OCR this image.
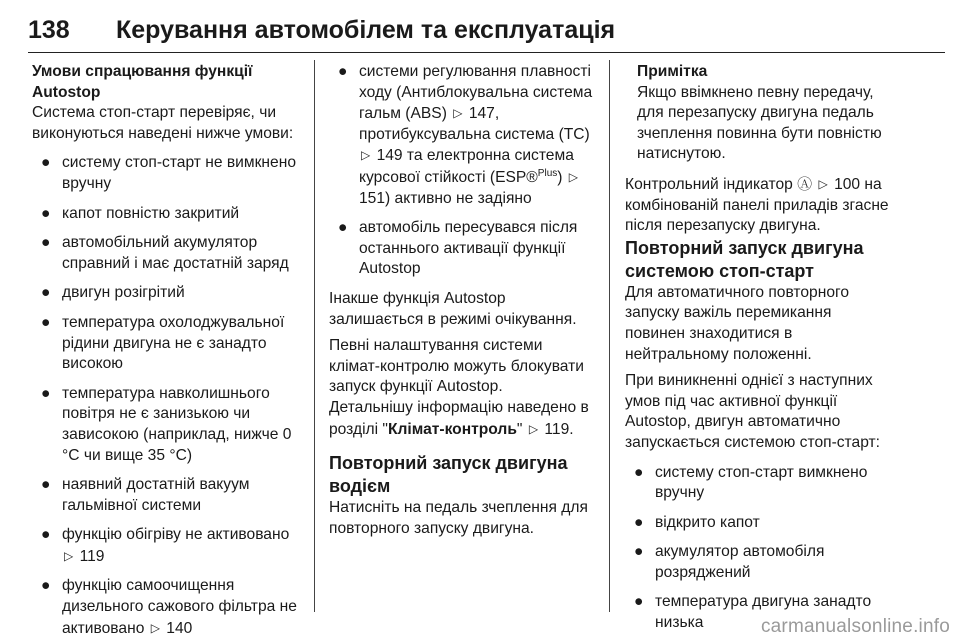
138 Керування автомобілем та експлуатація

Умови спрацювання функції Autostop

Система стоп-старт перевіряє, чи виконуються наведені нижче умови:

● систему стоп-старт не вимкнено вручну
● капот повністю закритий
● автомобільний акумулятор справний і має достатній заряд
● двигун розігрітий
● температура охолоджувальної рідини двигуна не є занадто високою
● температура навколишнього повітря не є занизькою чи зависокою (наприклад, нижче 0 °C чи вище 35 °C)
● наявний достатній вакуум гальмівної системи
● функцію обігріву не активовано
▷ 119
● функцію самоочищення дизельного сажового фільтра не активовано ▷ 140
● системи регулювання плавності ходу (Антиблокувальна система гальм (ABS) ▷ 147, протибуксувальна система (TC) ▷ 149 та електронна система курсової стійкості (ESP®$^{Plus}$) ▷ 151) активно не задіяно
● автомобіль пересувався після останнього активації функції Autostop

Інакше функція Autostop залишається в режимі очікування.

Певні налаштування системи клімат-контролю можуть блокувати запуск функції Autostop.

Детальнішу інформацію наведено в розділі "Клімат-контроль" ▷ 119.

Повторний запуск двигуна водієм

Натисніть на педаль зчеплення для повторного запуску двигуна.

Примітка

Якщо ввімкнено певну передачу, для перезапуску двигуна педаль зчеплення повинна бути повністю натиснутою.

Контрольний індикатор Ⓐ ▷ 100 на комбінованій панелі приладів згасне після перезапуску двигуна.

Повторний запуск двигуна системою стоп-старт

Для автоматичного повторного запуску важіль перемикання повинен знаходитися в нейтральному положенні.

При виникненні однієї з наступних умов під час активної функції Autostop, двигун автоматично запускається системою стоп-старт:

● систему стоп-старт вимкнено вручну
● відкрито капот
● акумулятор автомобіля розряджений
● температура двигуна занадто низька	carmanualsonline.info
